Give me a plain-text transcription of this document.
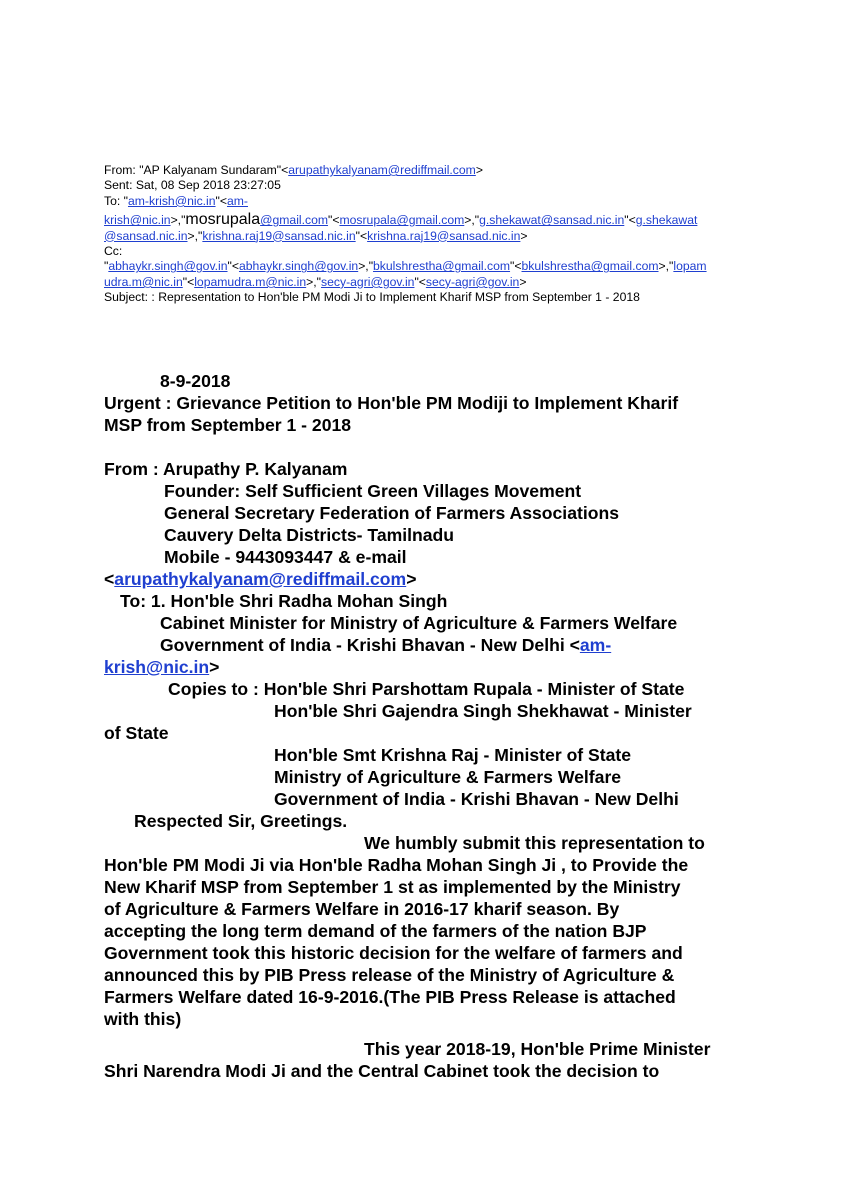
From: "AP Kalyanam Sundaram"<arupathykalyanam@rediffmail.com>
Sent: Sat, 08 Sep 2018 23:27:05
To: "am-krish@nic.in"<am-
krish@nic.in>,"mosrupala@gmail.com"<mosrupala@gmail.com>,"g.shekawat@sansad.nic.in"<g.shekawat
@sansad.nic.in>,"krishna.raj19@sansad.nic.in"<krishna.raj19@sansad.nic.in>
Cc:
"abhaykr.singh@gov.in"<abhaykr.singh@gov.in>,"bkulshrestha@gmail.com"<bkulshrestha@gmail.com>,"lopam
udra.m@nic.in"<lopamudra.m@nic.in>,"secy-agri@gov.in"<secy-agri@gov.in>
Subject: : Representation to Hon'ble PM Modi Ji to Implement Kharif MSP from September 1 - 2018
8-9-2018
Urgent : Grievance Petition to Hon'ble PM Modiji to Implement Kharif
MSP from September 1 - 2018
From : Arupathy P. Kalyanam
Founder: Self Sufficient Green Villages Movement
General Secretary Federation of Farmers Associations
Cauvery Delta Districts- Tamilnadu
Mobile - 9443093447 & e-mail
<arupathykalyanam@rediffmail.com>
To: 1. Hon'ble Shri Radha Mohan Singh
Cabinet Minister for Ministry of Agriculture & Farmers Welfare
Government of India - Krishi Bhavan - New Delhi <am-
krish@nic.in>
Copies to : Hon'ble Shri Parshottam Rupala - Minister of State
Hon'ble Shri Gajendra Singh Shekhawat - Minister
of State
Hon'ble Smt Krishna Raj - Minister of State
Ministry of Agriculture & Farmers Welfare
Government of India - Krishi Bhavan - New Delhi
Respected Sir, Greetings.
We humbly submit this representation to
Hon'ble PM Modi Ji via Hon'ble Radha Mohan Singh Ji , to Provide the
New Kharif MSP from September 1 st as implemented by the Ministry
of Agriculture & Farmers Welfare in 2016-17 kharif season. By
accepting the long term demand of the farmers of the nation BJP
Government took this historic decision for the welfare of farmers and
announced this by PIB Press release of the Ministry of Agriculture &
Farmers Welfare dated 16-9-2016.(The PIB Press Release is attached
with this)
This year 2018-19, Hon'ble Prime Minister
Shri Narendra Modi Ji and the Central Cabinet took the decision to
